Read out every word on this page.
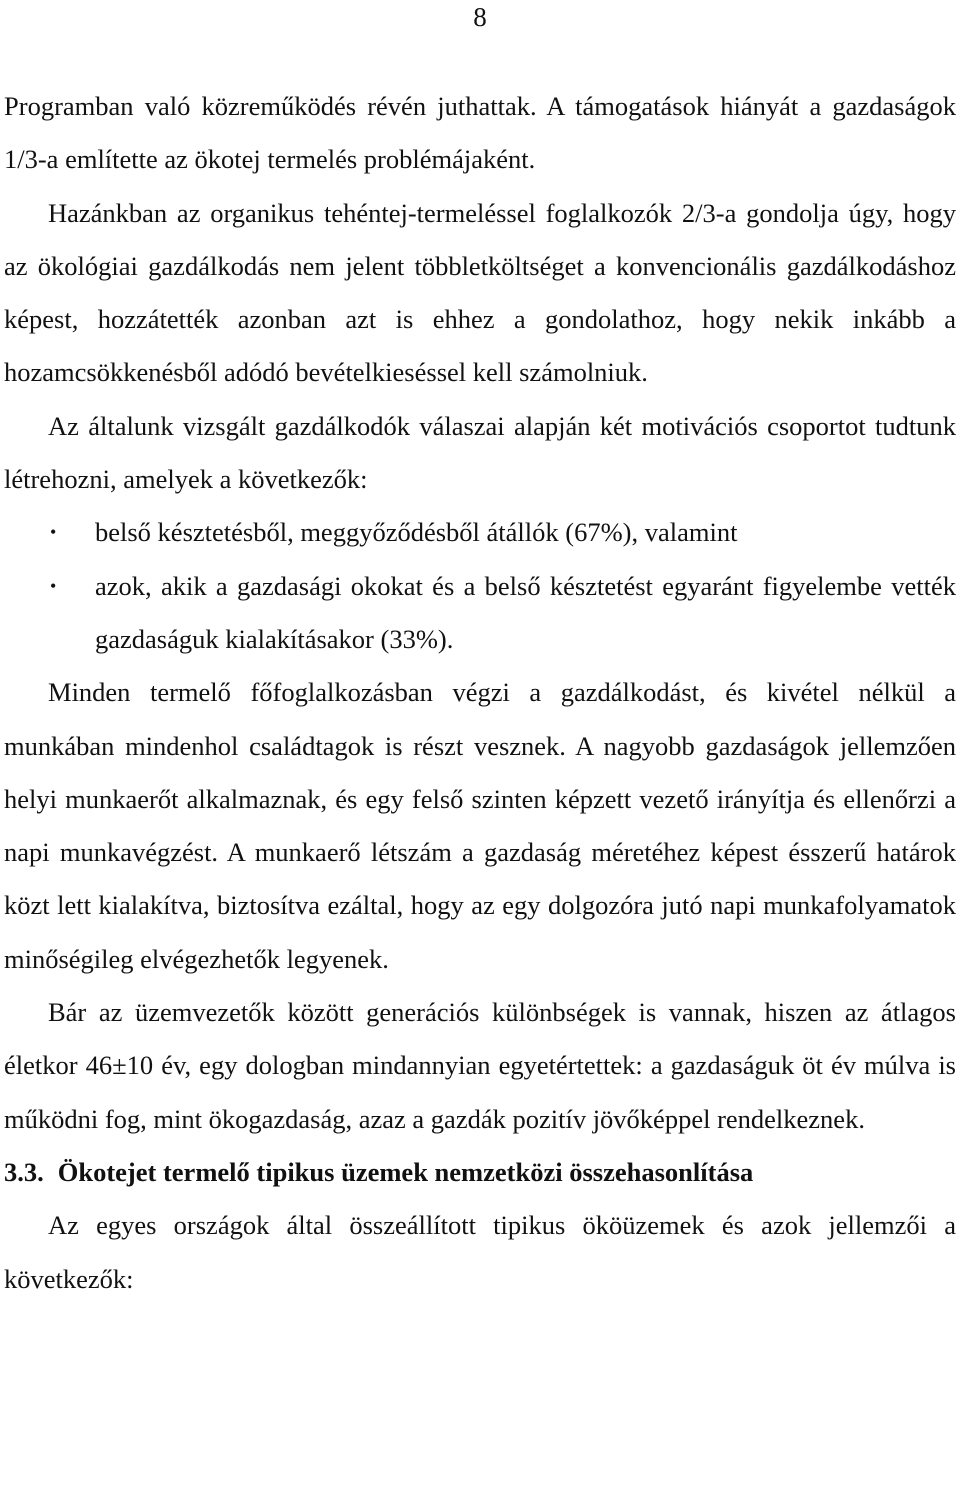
8

Programban való közreműködés révén juthattak. A támogatások hiányát a gazdaságok 1/3-a említette az ökotej termelés problémájaként.

Hazánkban az organikus tehéntej-termeléssel foglalkozók 2/3-a gondolja úgy, hogy az ökológiai gazdálkodás nem jelent többletköltséget a konvencionális gazdálkodáshoz képest, hozzátették azonban azt is ehhez a gondolathoz, hogy nekik inkább a hozamcsökkenésből adódó bevételkieséssel kell számolniuk.

Az általunk vizsgált gazdálkodók válaszai alapján két motivációs csoportot tudtunk létrehozni, amelyek a következők:

• belső késztetésből, meggyőződésből átállók (67%), valamint
• azok, akik a gazdasági okokat és a belső késztetést egyaránt figyelembe vették gazdaságuk kialakításakor (33%).

Minden termelő főfoglalkozásban végzi a gazdálkodást, és kivétel nélkül a munkában mindenhol családtagok is részt vesznek. A nagyobb gazdaságok jellemzően helyi munkaerőt alkalmaznak, és egy felső szinten képzett vezető irányítja és ellenőrzi a napi munkavégzést. A munkaerő létszám a gazdaság méretéhez képest ésszerű határok közt lett kialakítva, biztosítva ezáltal, hogy az egy dolgozóra jutó napi munkafolyamatok minőségileg elvégezhetők legyenek.

Bár az üzemvezetők között generációs különbségek is vannak, hiszen az átlagos életkor 46±10 év, egy dologban mindannyian egyetértettek: a gazdaságuk öt év múlva is működni fog, mint ökogazdaság, azaz a gazdák pozitív jövőképpel rendelkeznek.

3.3. Ökotejet termelő tipikus üzemek nemzetközi összehasonlítása

Az egyes országok által összeállított tipikus ököüzemek és azok jellemzői a következők:
